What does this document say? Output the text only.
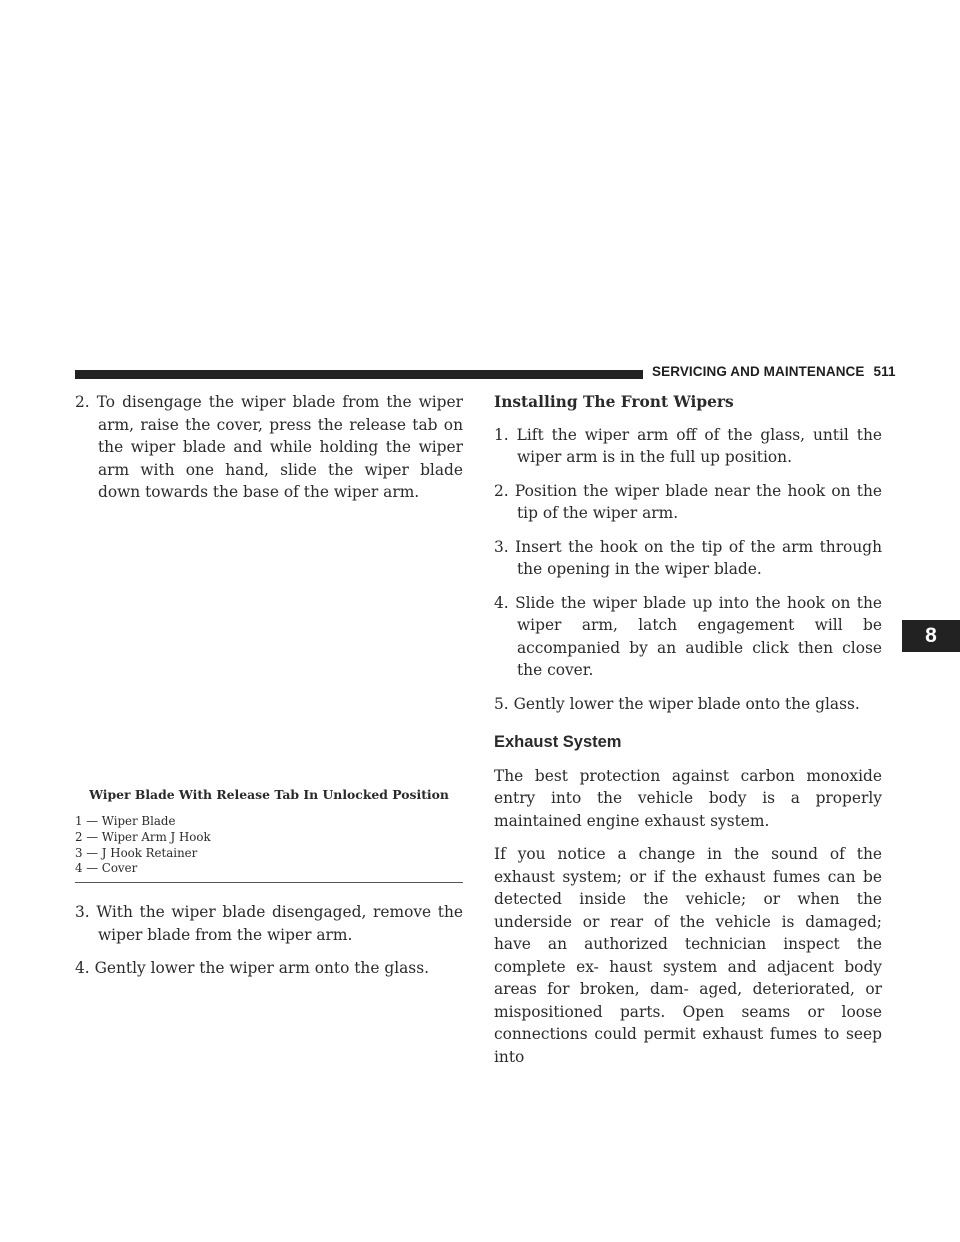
SERVICING AND MAINTENANCE 511

2. To disengage the wiper blade from the wiper arm, raise the cover, press the release tab on the wiper blade and while holding the wiper arm with one hand, slide the wiper blade down towards the base of the wiper arm.

Wiper Blade With Release Tab In Unlocked Position
1 — Wiper Blade
2 — Wiper Arm J Hook
3 — J Hook Retainer
4 — Cover

3. With the wiper blade disengaged, remove the wiper blade from the wiper arm.

4. Gently lower the wiper arm onto the glass.

Installing The Front Wipers

1. Lift the wiper arm off of the glass, until the wiper arm is in the full up position.

2. Position the wiper blade near the hook on the tip of the wiper arm.

3. Insert the hook on the tip of the arm through the opening in the wiper blade.

4. Slide the wiper blade up into the hook on the wiper arm, latch engagement will be accompanied by an audible click then close the cover.

5. Gently lower the wiper blade onto the glass.

Exhaust System

The best protection against carbon monoxide entry into the vehicle body is a properly maintained engine exhaust system.

If you notice a change in the sound of the exhaust system; or if the exhaust fumes can be detected inside the vehicle; or when the underside or rear of the vehicle is damaged; have an authorized technician inspect the complete ex- haust system and adjacent body areas for broken, dam- aged, deteriorated, or mispositioned parts. Open seams or loose connections could permit exhaust fumes to seep into

8
